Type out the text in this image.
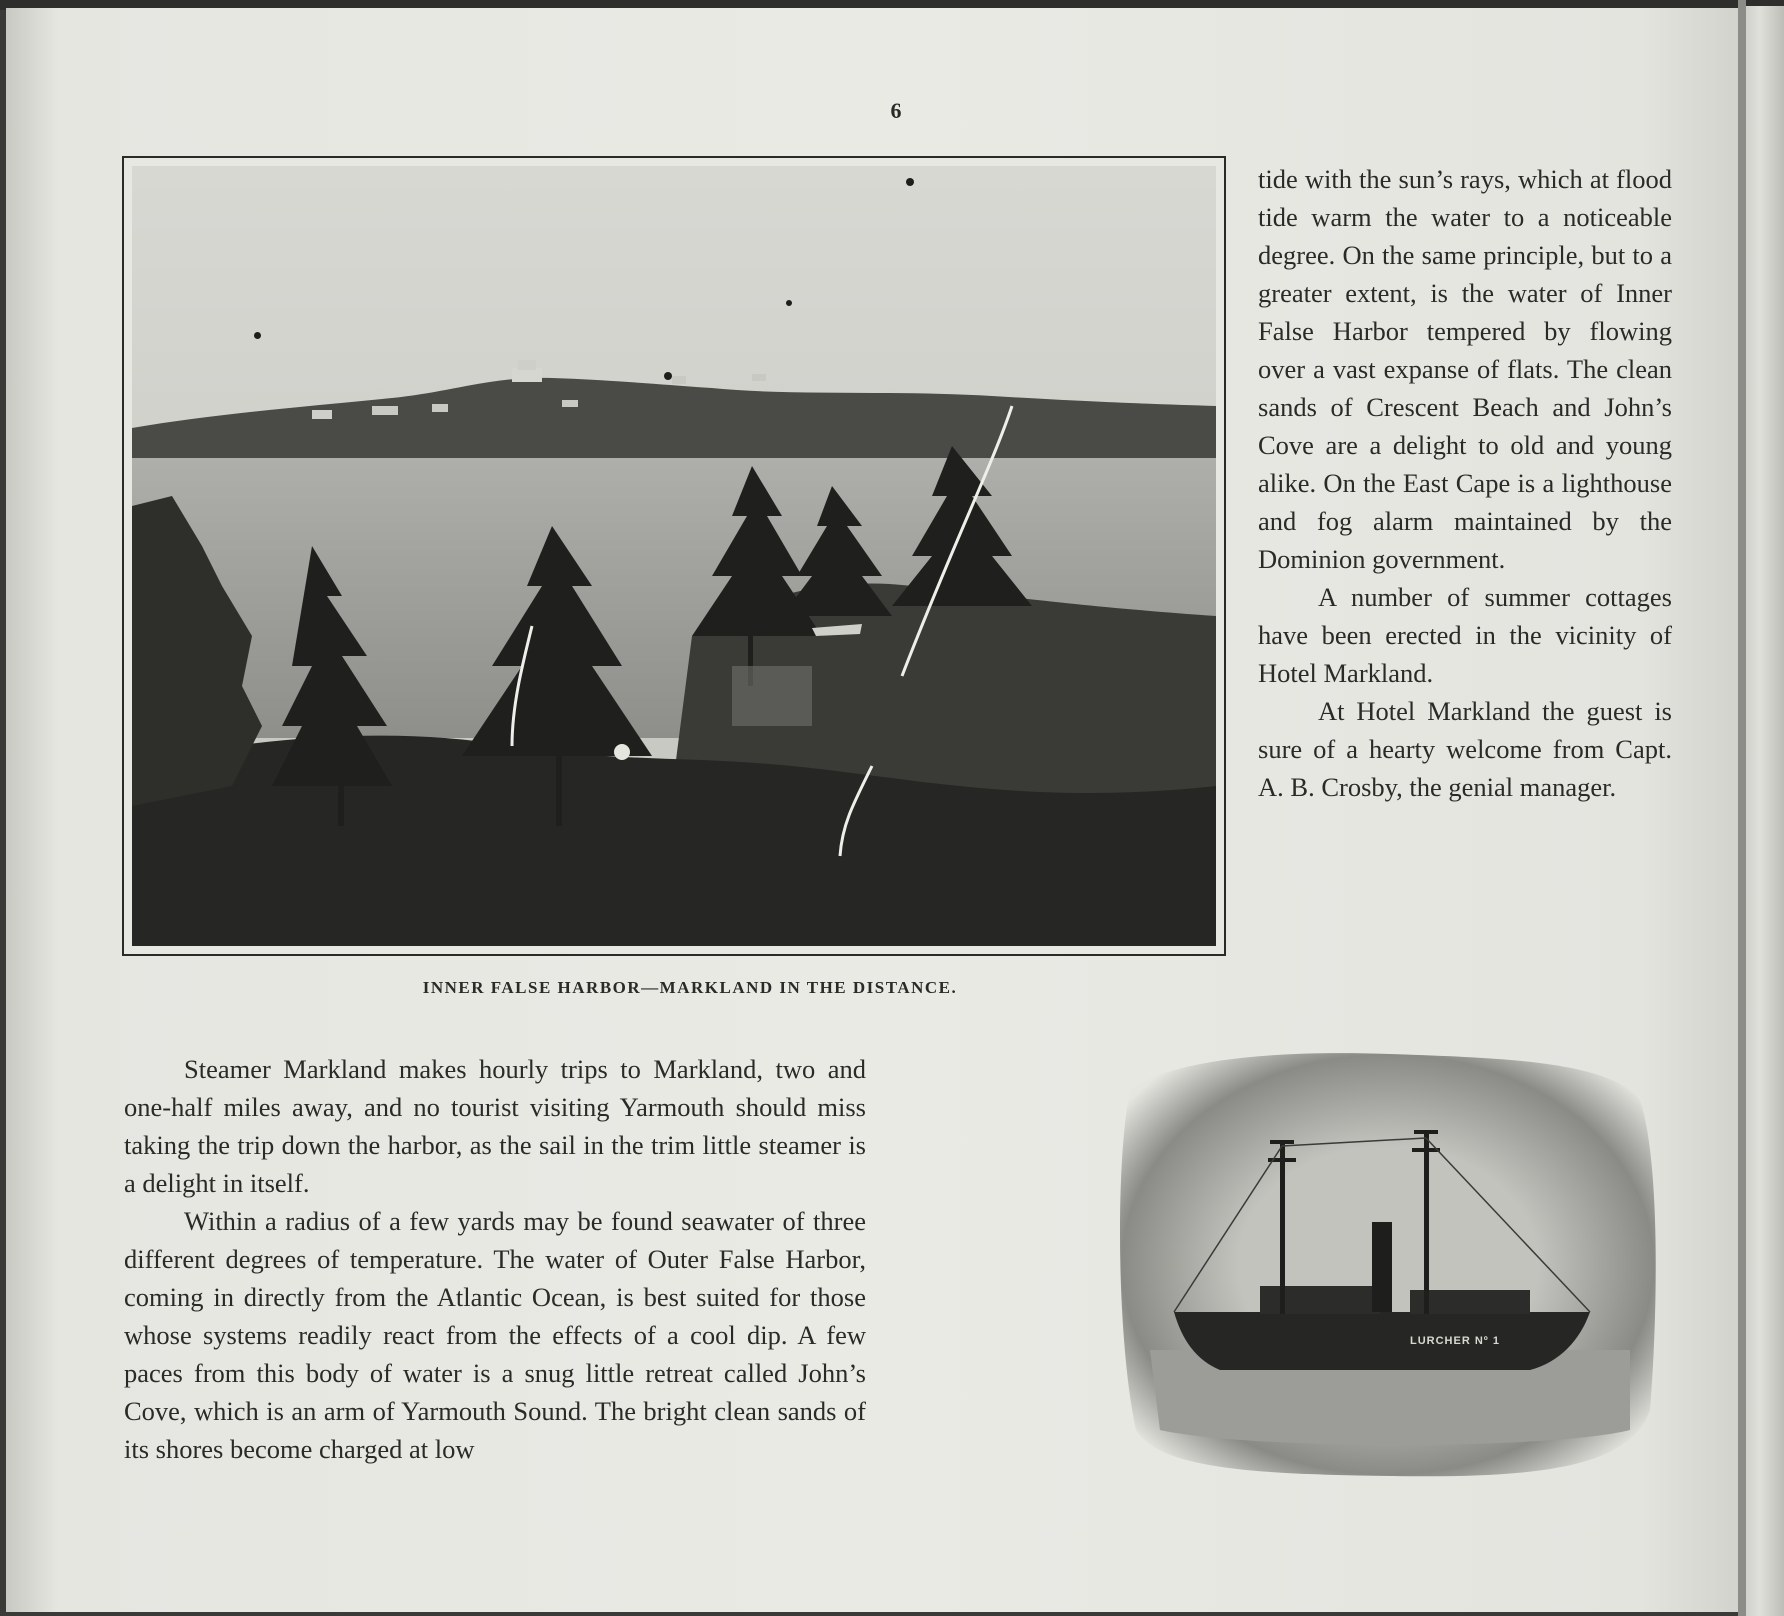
6
INNER FALSE HARBOR—MARKLAND IN THE DISTANCE.

tide with the sun’s rays, which at flood tide warm the water to a noticeable degree. On the same principle, but to a greater extent, is the water of Inner False Harbor tempered by flowing over a vast expanse of flats. The clean sands of Crescent Beach and John’s Cove are a delight to old and young alike. On the East Cape is a lighthouse and fog alarm maintained by the Dominion government.

A number of summer cottages have been erected in the vicinity of Hotel Markland.

At Hotel Markland the guest is sure of a hearty welcome from Capt. A. B. Crosby, the genial manager.

Steamer Markland makes hourly trips to Markland, two and one-half miles away, and no tourist visiting Yarmouth should miss taking the trip down the harbor, as the sail in the trim little steamer is a delight in itself.

Within a radius of a few yards may be found seawater of three different degrees of temperature. The water of Outer False Harbor, coming in directly from the Atlantic Ocean, is best suited for those whose systems readily react from the effects of a cool dip. A few paces from this body of water is a snug little retreat called John’s Cove, which is an arm of Yarmouth Sound. The bright clean sands of its shores become charged at low

LURCHER Nº 1
